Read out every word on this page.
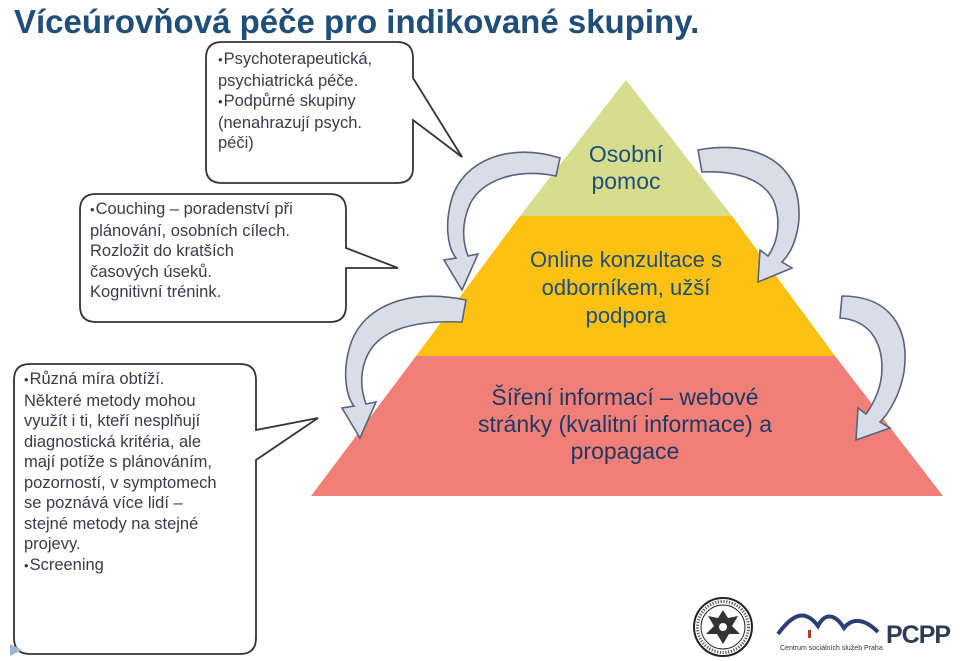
Víceúrovňová péče pro indikované skupiny.
Osobní
pomoc
Online konzultace s
odborníkem, užší
podpora
Šíření informací – webové
stránky (kvalitní informace) a
propagace
•Psychoterapeutická,
psychiatrická péče.
•Podpůrné skupiny
(nenahrazují psych.
péči)
•Couching – poradenství při
plánování, osobních cílech.
Rozložit do kratších
časových úseků.
Kognitivní trénink.
•Různá míra obtíží.
Některé metody mohou
využít i ti, kteří nesplňují
diagnostická kritéria, ale
mají potíže s plánováním,
pozorností, v symptomech
se poznává více lidí –
stejné metody na stejné
projevy.
•Screening
Centrum sociálních služeb Praha PCPP
